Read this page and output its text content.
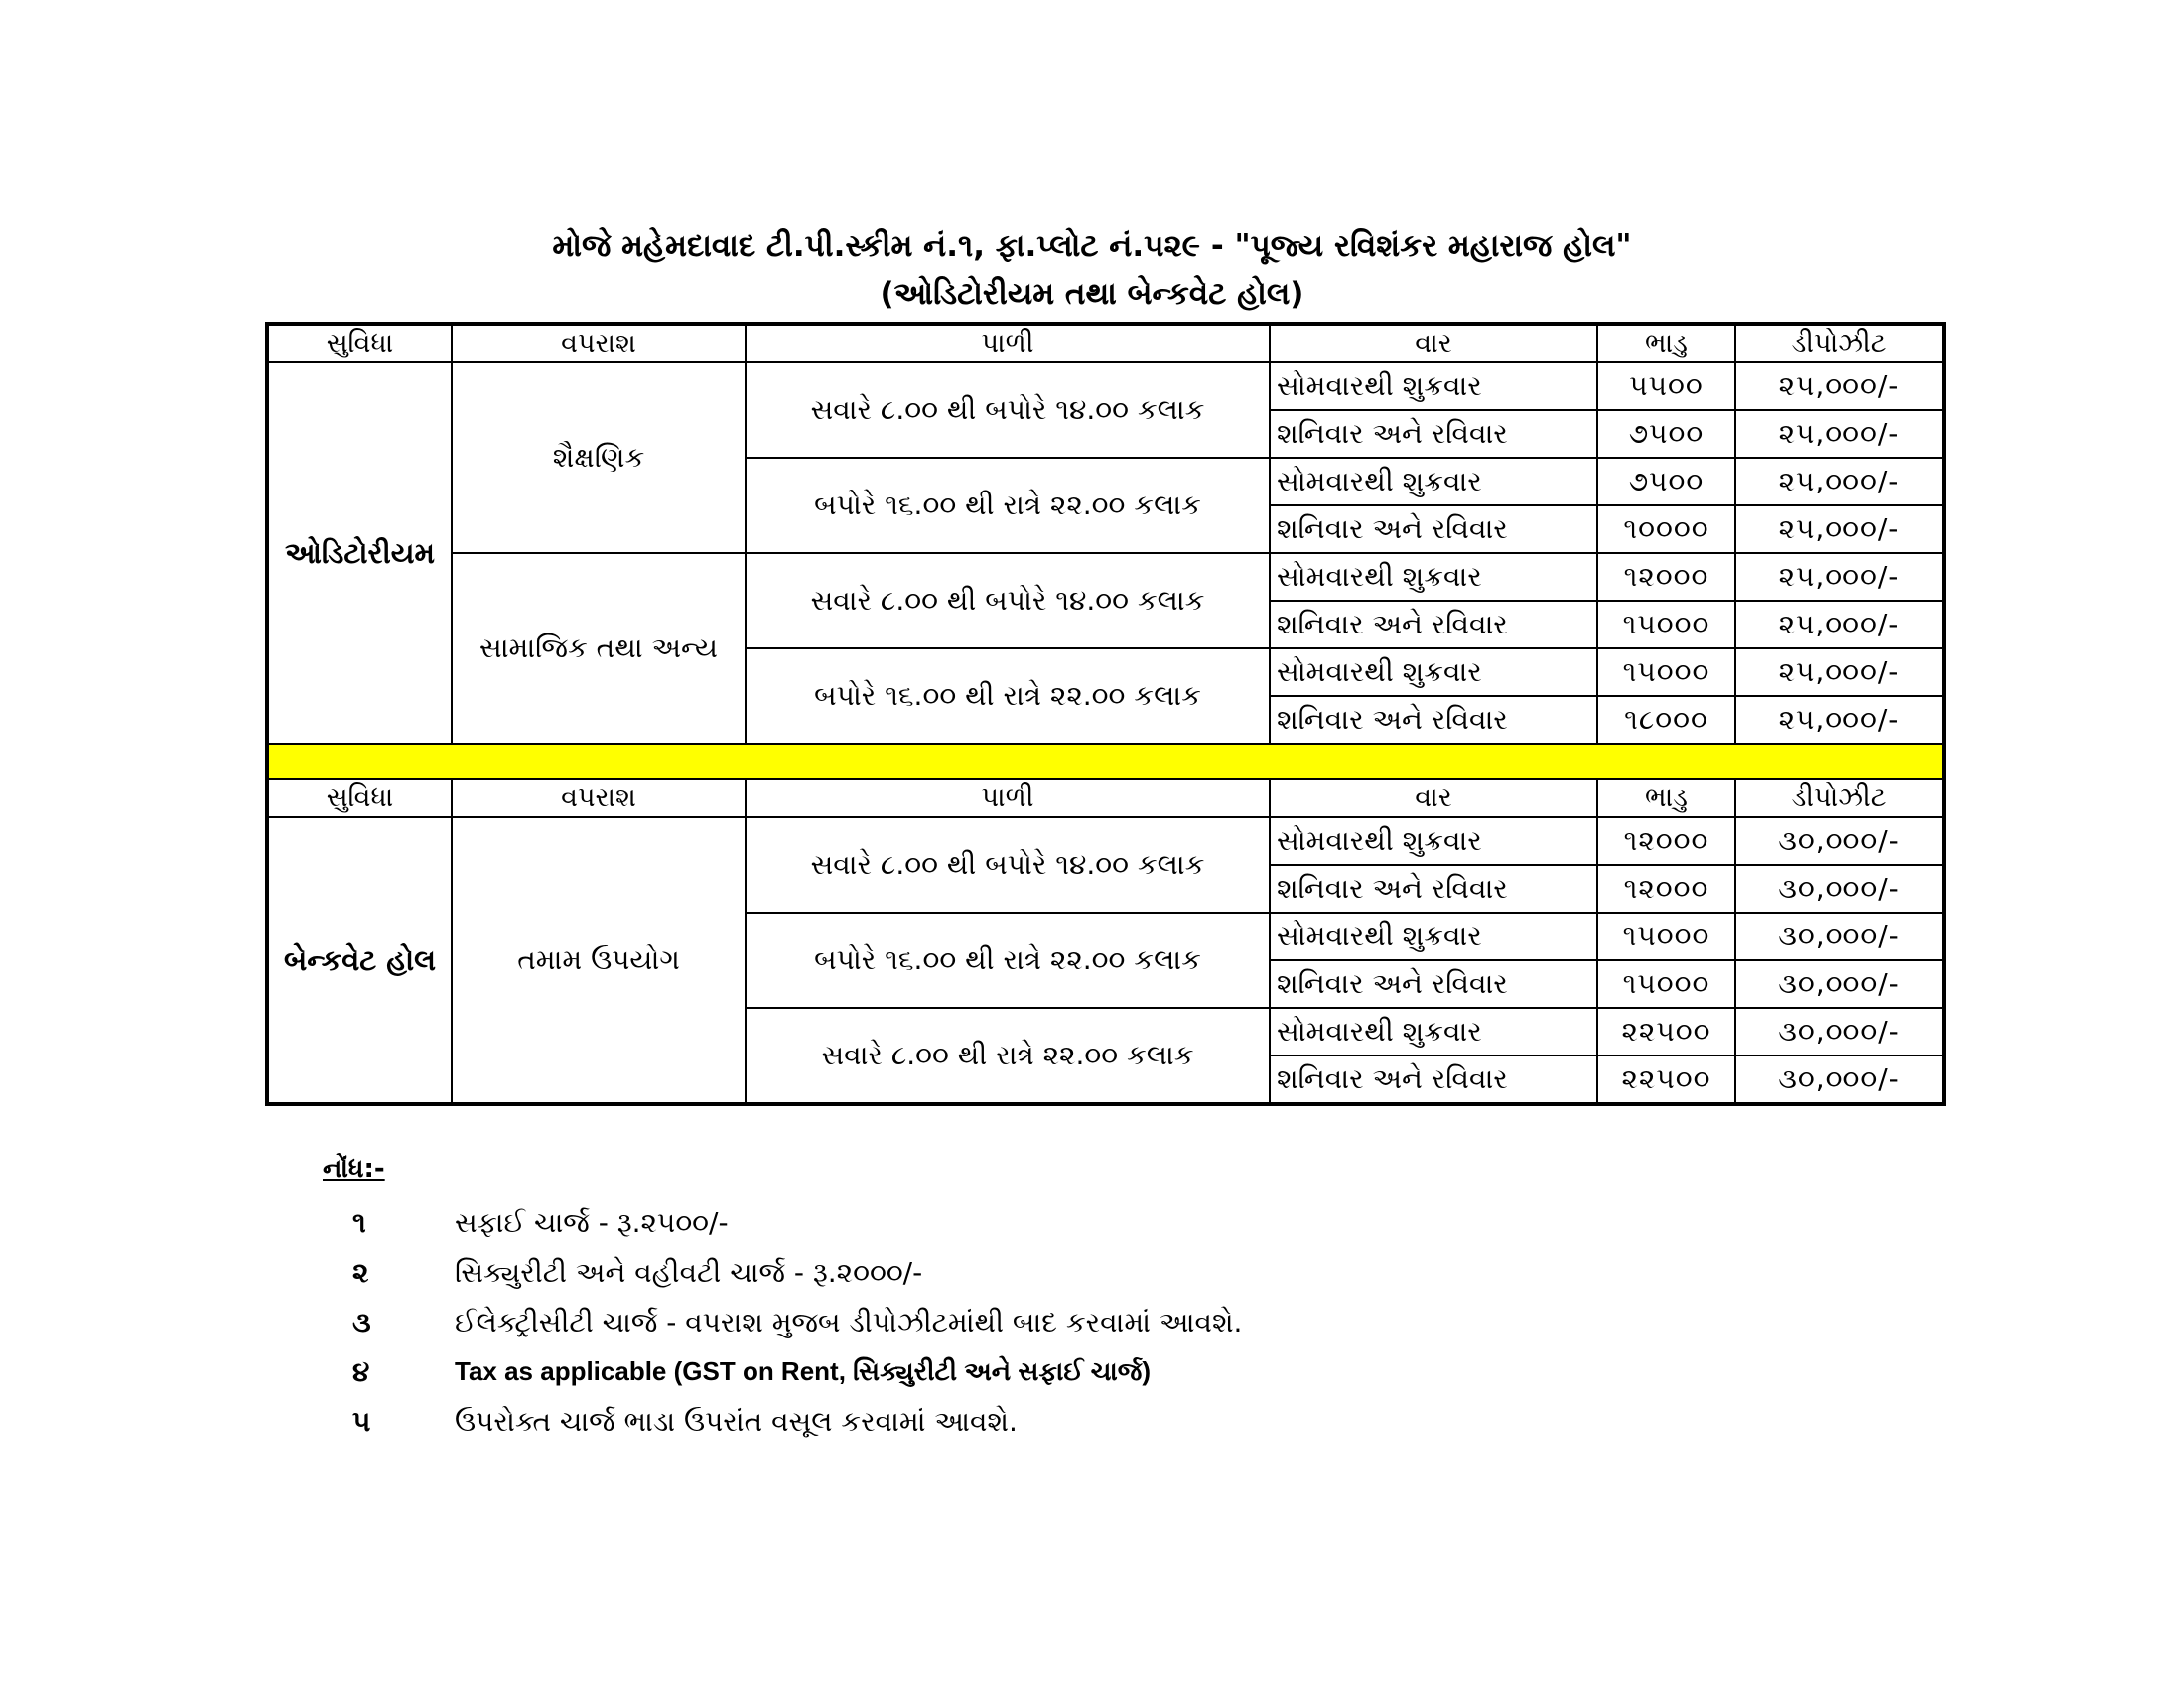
મોજે મહેમદાવાદ ટી.પી.સ્કીમ નં.૧, ફા.પ્લોટ નં.૫૨૯ - "પૂજ્ય રવિશંકર મહારાજ હોલ"
(ઓડિટોરીયમ તથા બેન્કવેટ હોલ)
સુવિધા	વપરાશ	પાળી	વાર	ભાડુ	ડીપોઝીટ
ઓડિટોરીયમ	શૈક્ષણિક	સવારે ૮.૦૦ થી બપોરે ૧૪.૦૦ કલાક	સોમવારથી શુક્રવાર	૫૫૦૦	૨૫,૦૦૦/-
			શનિવાર અને રવિવાર	૭૫૦૦	૨૫,૦૦૦/-
		બપોરે ૧૬.૦૦ થી રાત્રે ૨૨.૦૦ કલાક	સોમવારથી શુક્રવાર	૭૫૦૦	૨૫,૦૦૦/-
			શનિવાર અને રવિવાર	૧૦૦૦૦	૨૫,૦૦૦/-
	સામાજિક તથા અન્ય	સવારે ૮.૦૦ થી બપોરે ૧૪.૦૦ કલાક	સોમવારથી શુક્રવાર	૧૨૦૦૦	૨૫,૦૦૦/-
			શનિવાર અને રવિવાર	૧૫૦૦૦	૨૫,૦૦૦/-
		બપોરે ૧૬.૦૦ થી રાત્રે ૨૨.૦૦ કલાક	સોમવારથી શુક્રવાર	૧૫૦૦૦	૨૫,૦૦૦/-
			શનિવાર અને રવિવાર	૧૮૦૦૦	૨૫,૦૦૦/-

સુવિધા	વપરાશ	પાળી	વાર	ભાડુ	ડીપોઝીટ
બેન્કવેટ હોલ	તમામ ઉપયોગ	સવારે ૮.૦૦ થી બપોરે ૧૪.૦૦ કલાક	સોમવારથી શુક્રવાર	૧૨૦૦૦	૩૦,૦૦૦/-
			શનિવાર અને રવિવાર	૧૨૦૦૦	૩૦,૦૦૦/-
		બપોરે ૧૬.૦૦ થી રાત્રે ૨૨.૦૦ કલાક	સોમવારથી શુક્રવાર	૧૫૦૦૦	૩૦,૦૦૦/-
			શનિવાર અને રવિવાર	૧૫૦૦૦	૩૦,૦૦૦/-
		સવારે ૮.૦૦ થી રાત્રે ૨૨.૦૦ કલાક	સોમવારથી શુક્રવાર	૨૨૫૦૦	૩૦,૦૦૦/-
			શનિવાર અને રવિવાર	૨૨૫૦૦	૩૦,૦૦૦/-
નોંધ:-
૧	સફાઈ ચાર્જ - રૂ.૨૫૦૦/-
૨	સિક્યુરીટી અને વહીવટી ચાર્જ - રૂ.૨૦૦૦/-
૩	ઈલેક્ટ્રીસીટી ચાર્જ - વપરાશ મુજબ ડીપોઝીટમાંથી બાદ કરવામાં આવશે.
૪	Tax as applicable (GST on Rent, સિક્યુરીટી અને સફાઈ ચાર્જ)
૫	ઉપરોક્ત ચાર્જ ભાડા ઉપરાંત વસૂલ કરવામાં આવશે.
